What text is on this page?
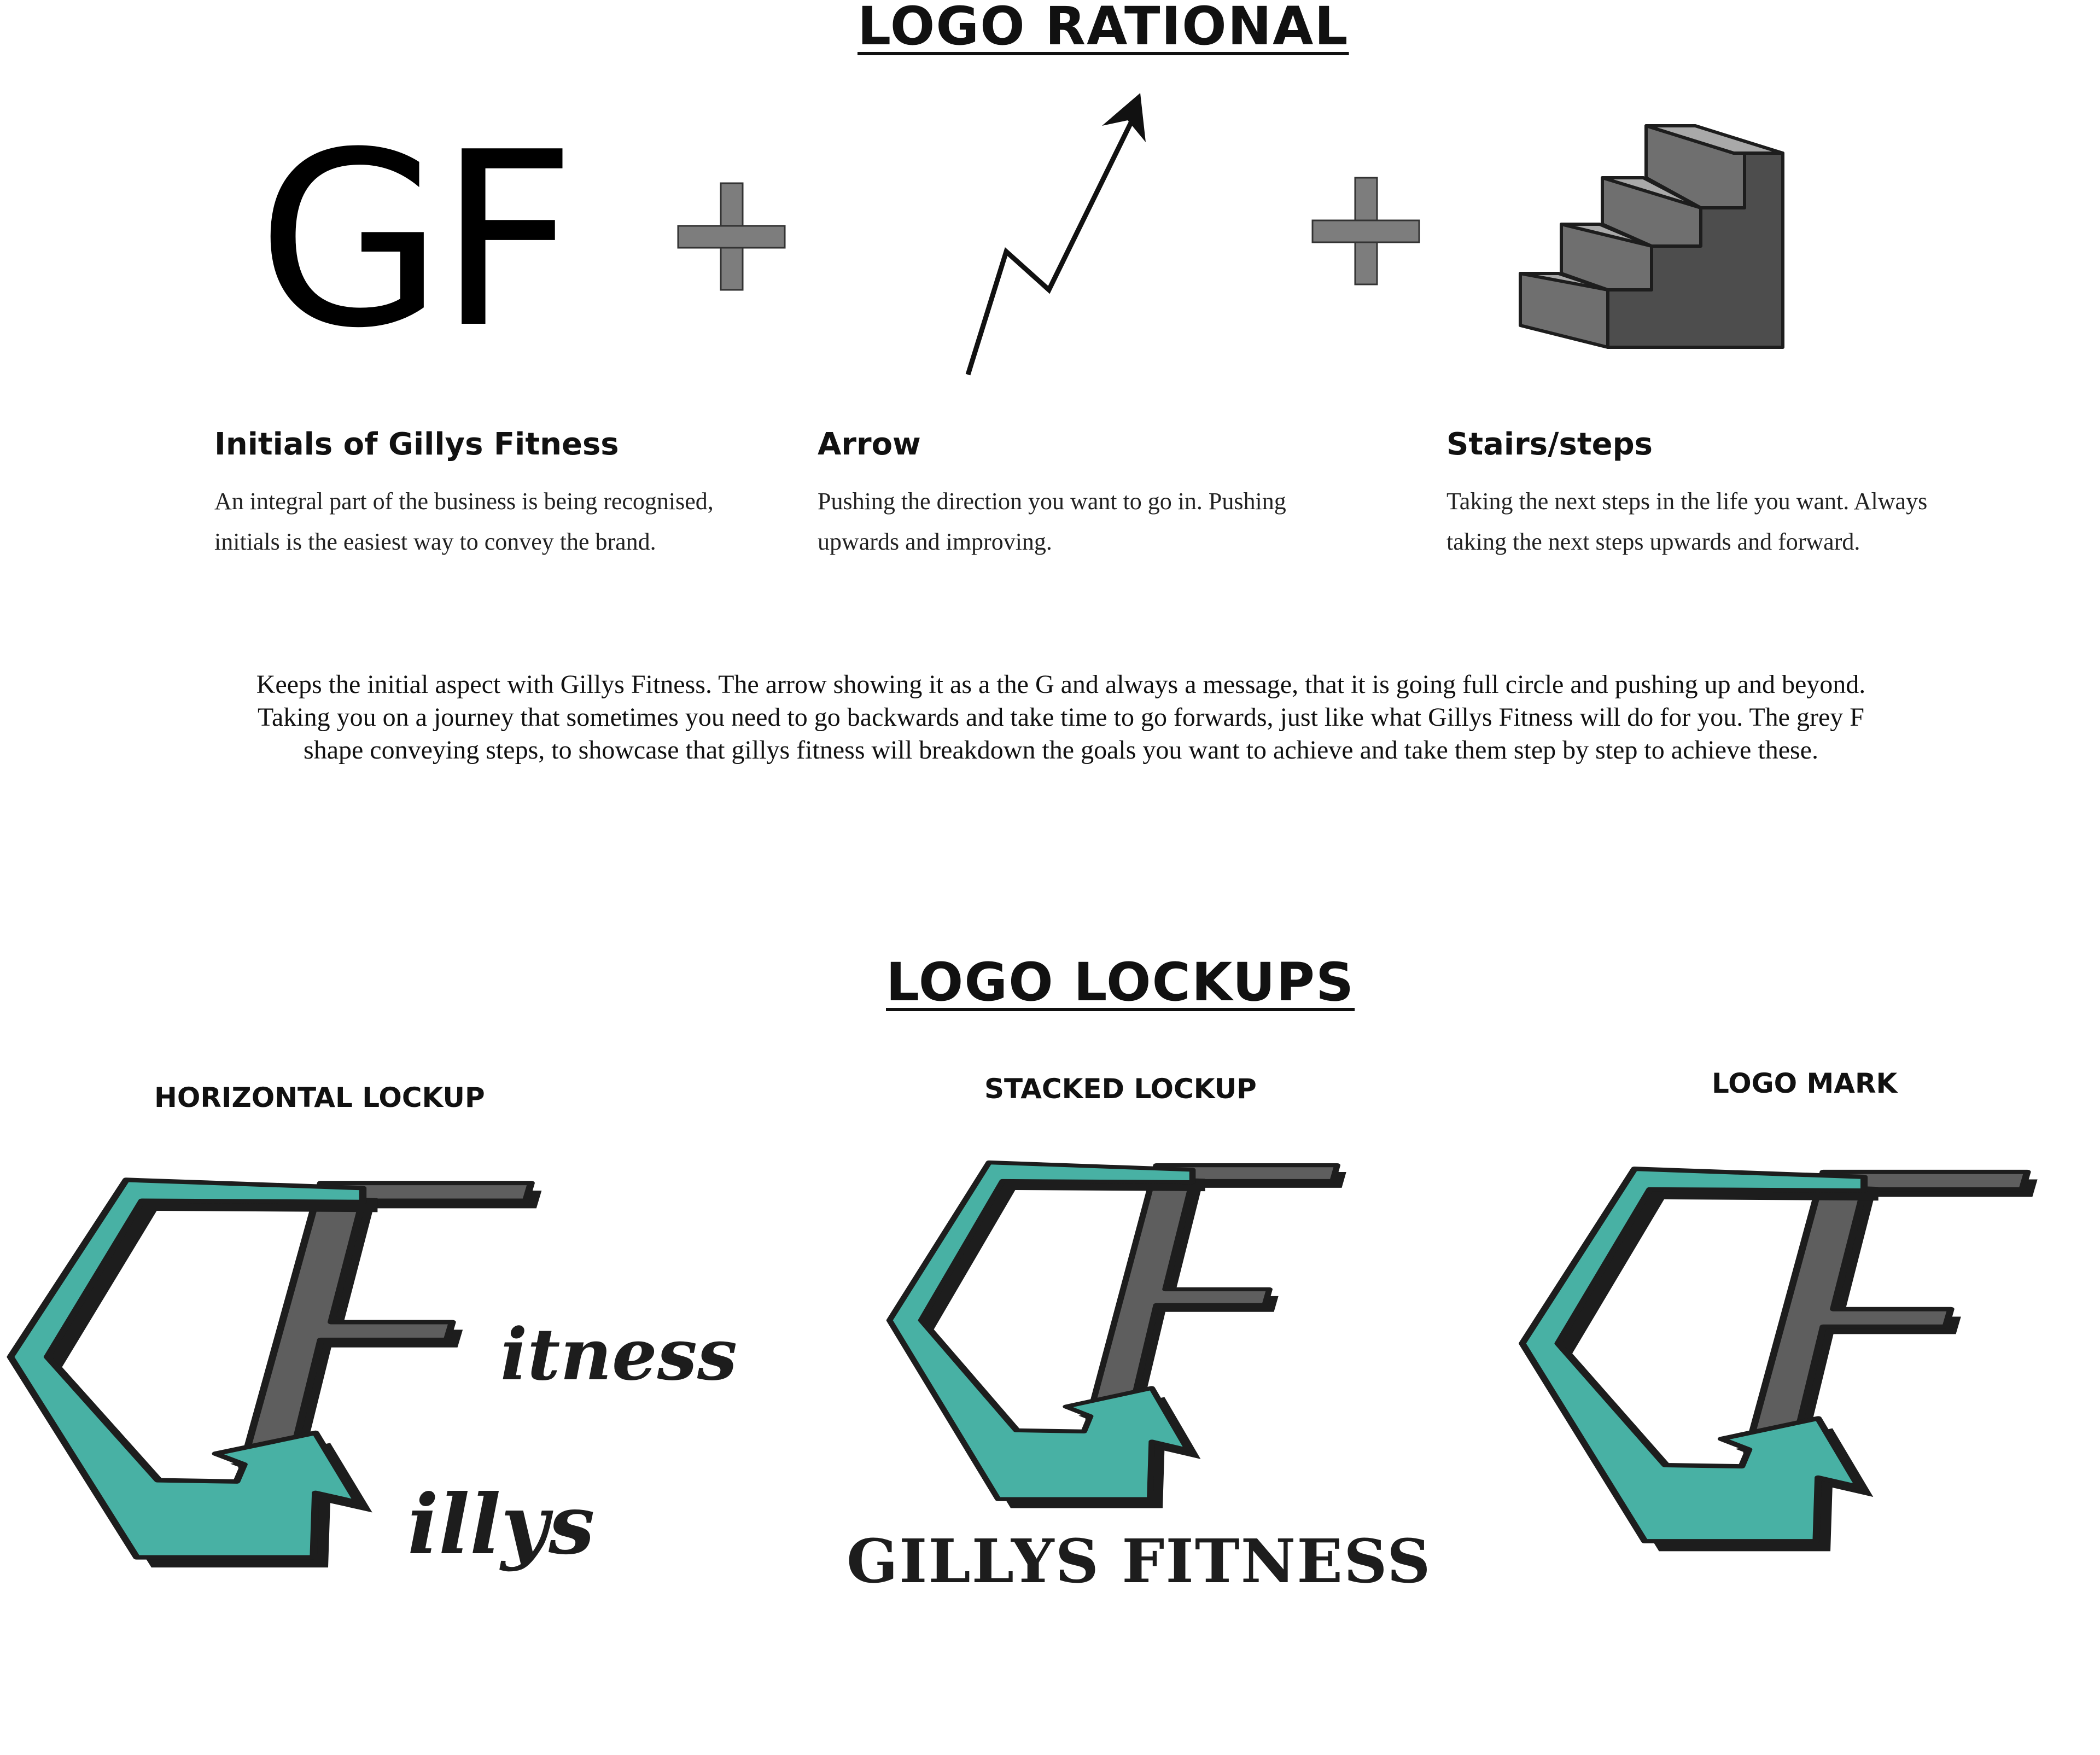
LOGO RATIONAL
GF
Initials of Gillys Fitness
An integral part of the business is being recognised, initials is the easiest way to convey the brand.
Arrow
Pushing the direction you want to go in. Pushing upwards and improving.
Stairs/steps
Taking the next steps in the life you want. Always taking the next steps upwards and forward.
Keeps the initial aspect with Gillys Fitness. The arrow showing it as a the G and always a message, that it is going full circle and pushing up and beyond. Taking you on a journey that sometimes you need to go backwards and take time to go forwards, just like what Gillys Fitness will do for you. The grey F shape conveying steps, to showcase that gillys fitness will breakdown the goals you want to achieve and take them step by step to achieve these.
LOGO LOCKUPS
HORIZONTAL LOCKUP	STACKED LOCKUP	LOGO MARK
itness
illys	GILLYS FITNESS
